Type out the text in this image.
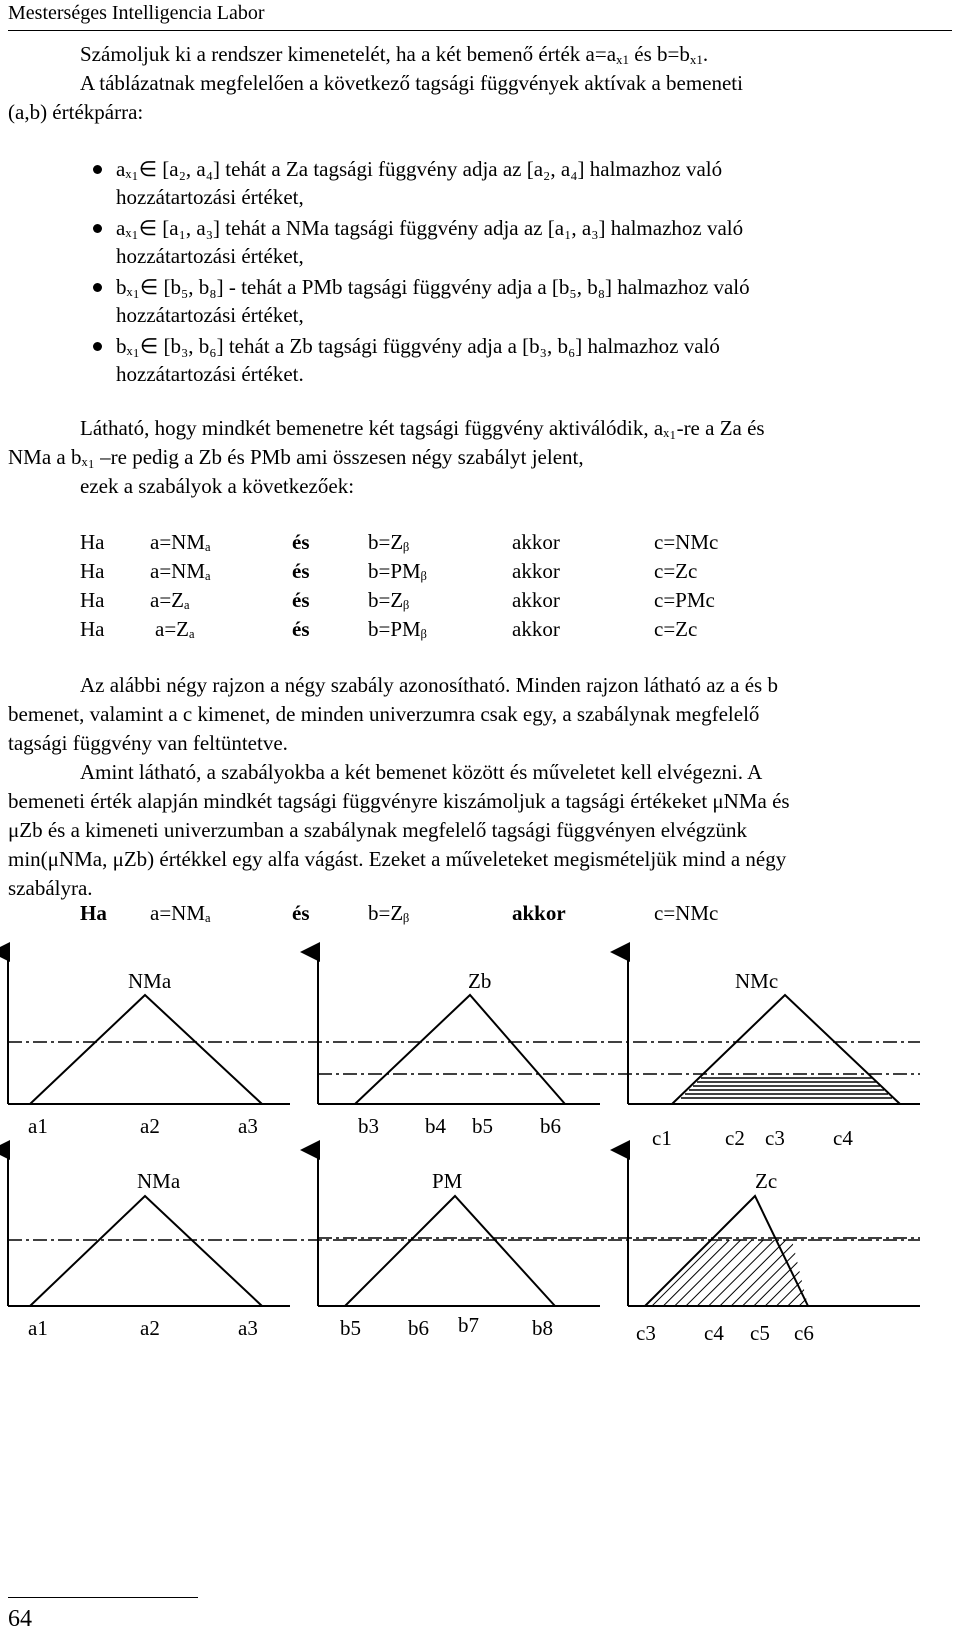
Mesterséges Intelligencia Labor
Számoljuk ki a rendszer kimenetelét, ha a két bemenő érték $a=a_{x1}$ és $b=b_{x1}$.
A táblázatnak megfelelően a következő tagsági függvények aktívak a bemeneti
(a,b) értékpárra:
aₓ₁∈ [a₂, a₄] tehát a Za tagsági függvény adja az [a₂, a₄] halmazhoz való
hozzátartozási értéket,
aₓ₁∈ [a₁, a₃] tehát a NMa tagsági függvény adja az [a₁, a₃] halmazhoz való
hozzátartozási értéket,
bₓ₁∈ [b₅, b₈] - tehát a PMb tagsági függvény adja a [b₅, b₈] halmazhoz való
hozzátartozási értéket,
bₓ₁∈ [b₃, b₆] tehát a Zb tagsági függvény adja a [b₃, b₆] halmazhoz való
hozzátartozási értéket.
Látható, hogy mindkét bemenetre két tagsági függvény aktiválódik, aₓ₁-re a Za és
NMa a bₓ₁ –re pedig a Zb és PMb ami összesen négy szabályt jelent,
ezek a szabályok a következőek:
Ha a=NMₐ	és	b=Zᵦ	akkor	c=NMc
Ha a=NMₐ	és	b=PMᵦ	akkor	c=Zc
Ha a=Zₐ	és	b=Zᵦ	akkor	c=PMc
Ha a=Zₐ	és	b=PMᵦ	akkor	c=Zc
Az alábbi négy rajzon a négy szabály azonosítható. Minden rajzon látható az a és b
bemenet, valamint a c kimenet, de minden univerzumra csak egy, a szabálynak megfelelő
tagsági függvény van feltüntetve.
Amint látható, a szabályokba a két bemenet között és műveletet kell elvégezni. A
bemeneti érték alapján mindkét tagsági függvényre kiszámoljuk a tagsági értékeket μNMa és
μZb és a kimeneti univerzumban a szabálynak megfelelő tagsági függvényen elvégzünk
min(μNMa, μZb) értékkel egy alfa vágást. Ezeket a műveleteket megismételjük mind a négy
szabályra.
Ha a=NMₐ	és	b=Zᵦ	akkor	c=NMc
NMa	Zb	NMc
a1	a2	a3	b3 b4 b5 b6	c1	c2 c3 c4
NMa	PM	Zc
a1	a2	a3	b5 b6 b7	b8	c3 c4 c5 c6
64
